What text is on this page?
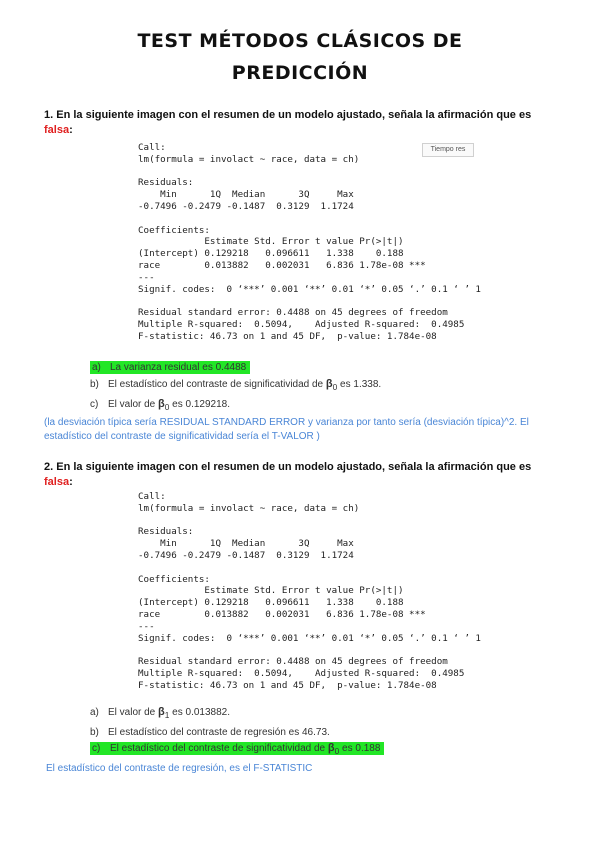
TEST MÉTODOS CLÁSICOS DE
PREDICCIÓN
1. En la siguiente imagen con el resumen de un modelo ajustado, señala la afirmación que es
falsa:
Call:
lm(formula = involact ~ race, data = ch)

Residuals:
Min      1Q  Median      3Q     Max
-0.7496 -0.2479 -0.1487  0.3129  1.1724

Coefficients:
Estimate Std. Error t value Pr(>|t|)
(Intercept) 0.129218   0.096611   1.338    0.188
race        0.013882   0.002031   6.836 1.78e-08 ***
---
Signif. codes:  0 ‘***’ 0.001 ‘**’ 0.01 ‘*’ 0.05 ‘.’ 0.1 ‘ ’ 1

Residual standard error: 0.4488 on 45 degrees of freedom
Multiple R-squared:  0.5094,    Adjusted R-squared:  0.4985
F-statistic: 46.73 on 1 and 45 DF,  p-value: 1.784e-08
Tiempo res
a) La varianza residual es 0.4488
b) El estadístico del contraste de significatividad de $\beta_0$ es 1.338.
c) El valor de $\beta_0$ es 0.129218.
(la desviación típica sería RESIDUAL STANDARD ERROR y varianza por tanto sería (desviación típica)^2. El estadístico del contraste de significatividad sería el T-VALOR )
2. En la siguiente imagen con el resumen de un modelo ajustado, señala la afirmación que es
falsa:
Call:
lm(formula = involact ~ race, data = ch)

Residuals:
Min      1Q  Median      3Q     Max
-0.7496 -0.2479 -0.1487  0.3129  1.1724

Coefficients:
Estimate Std. Error t value Pr(>|t|)
(Intercept) 0.129218   0.096611   1.338    0.188
race        0.013882   0.002031   6.836 1.78e-08 ***
---
Signif. codes:  0 ‘***’ 0.001 ‘**’ 0.01 ‘*’ 0.05 ‘.’ 0.1 ‘ ’ 1

Residual standard error: 0.4488 on 45 degrees of freedom
Multiple R-squared:  0.5094,    Adjusted R-squared:  0.4985
F-statistic: 46.73 on 1 and 45 DF,  p-value: 1.784e-08
a) El valor de $\beta_1$ es 0.013882.
b) El estadístico del contraste de regresión es 46.73.
c) El estadístico del contraste de significatividad de $\beta_0$ es 0.188
El estadístico del contraste de regresión, es el F-STATISTIC
